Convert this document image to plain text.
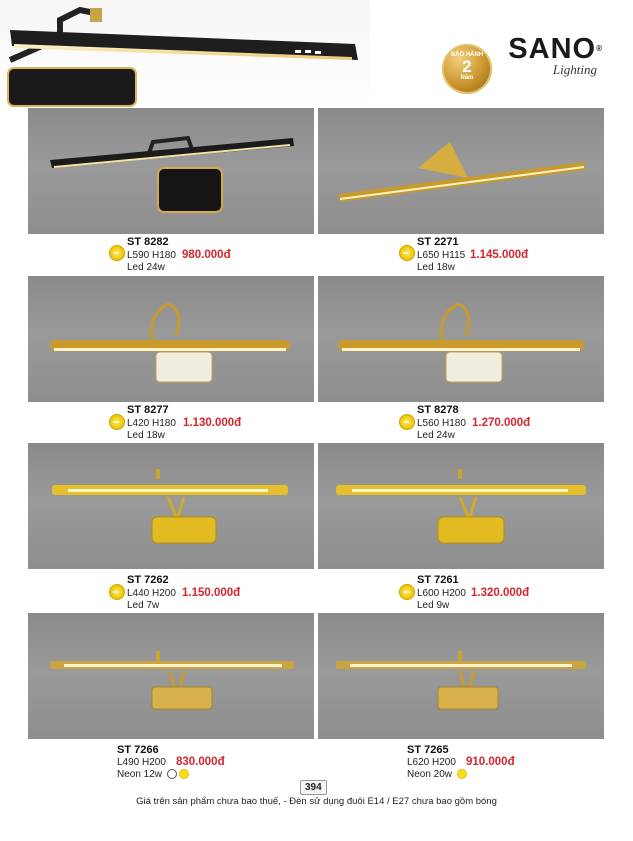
SANO®
Lighting
BẢO HÀNH
2
Năm
ST 8282
L590 H180 980.000đ
Led 24w
ST 2271
L650 H115 1.145.000đ
Led 18w
ST 8277
L420 H180 1.130.000đ
Led 18w
ST 8278
L560 H180 1.270.000đ
Led 24w
ST 7262
L440 H200 1.150.000đ
Led 7w
ST 7261
L600 H200 1.320.000đ
Led 9w
ST 7266
L490 H200 830.000đ
Neon 12w
ST 7265
L620 H200 910.000đ
Neon 20w
394
Giá trên sản phẩm chưa bao thuế, - Đèn sử dụng đuôi E14 / E27 chưa bao gồm bóng
